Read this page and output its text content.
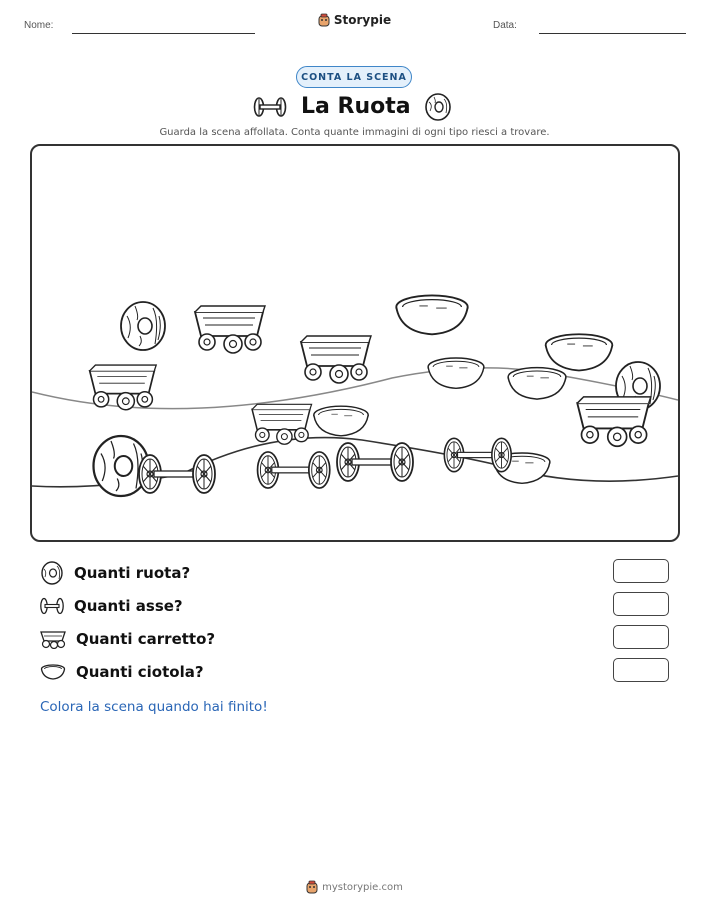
Nome:	Storypie	Data:
CONTA LA SCENA
La Ruota
Guarda la scena affollata. Conta quante immagini di ogni tipo riesci a trovare.
Quanti ruota?
Quanti asse?
Quanti carretto?
Quanti ciotola?
Colora la scena quando hai finito!
mystorypie.com
